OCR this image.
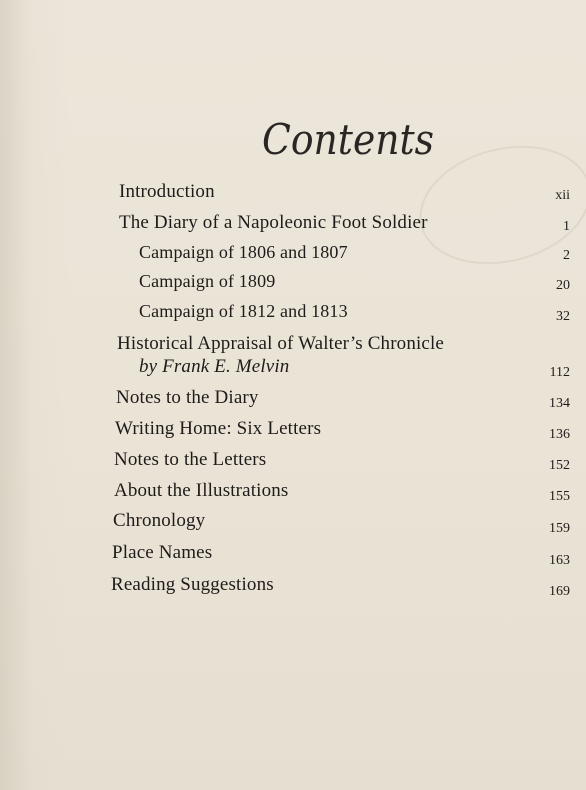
Contents
Introduction	xii
The Diary of a Napoleonic Foot Soldier	1
Campaign of 1806 and 1807	2
Campaign of 1809	20
Campaign of 1812 and 1813	32
Historical Appraisal of Walter’s Chronicle
by Frank E. Melvin	112
Notes to the Diary	134
Writing Home: Six Letters	136
Notes to the Letters	152
About the Illustrations	155
Chronology	159
Place Names	163
Reading Suggestions	169
